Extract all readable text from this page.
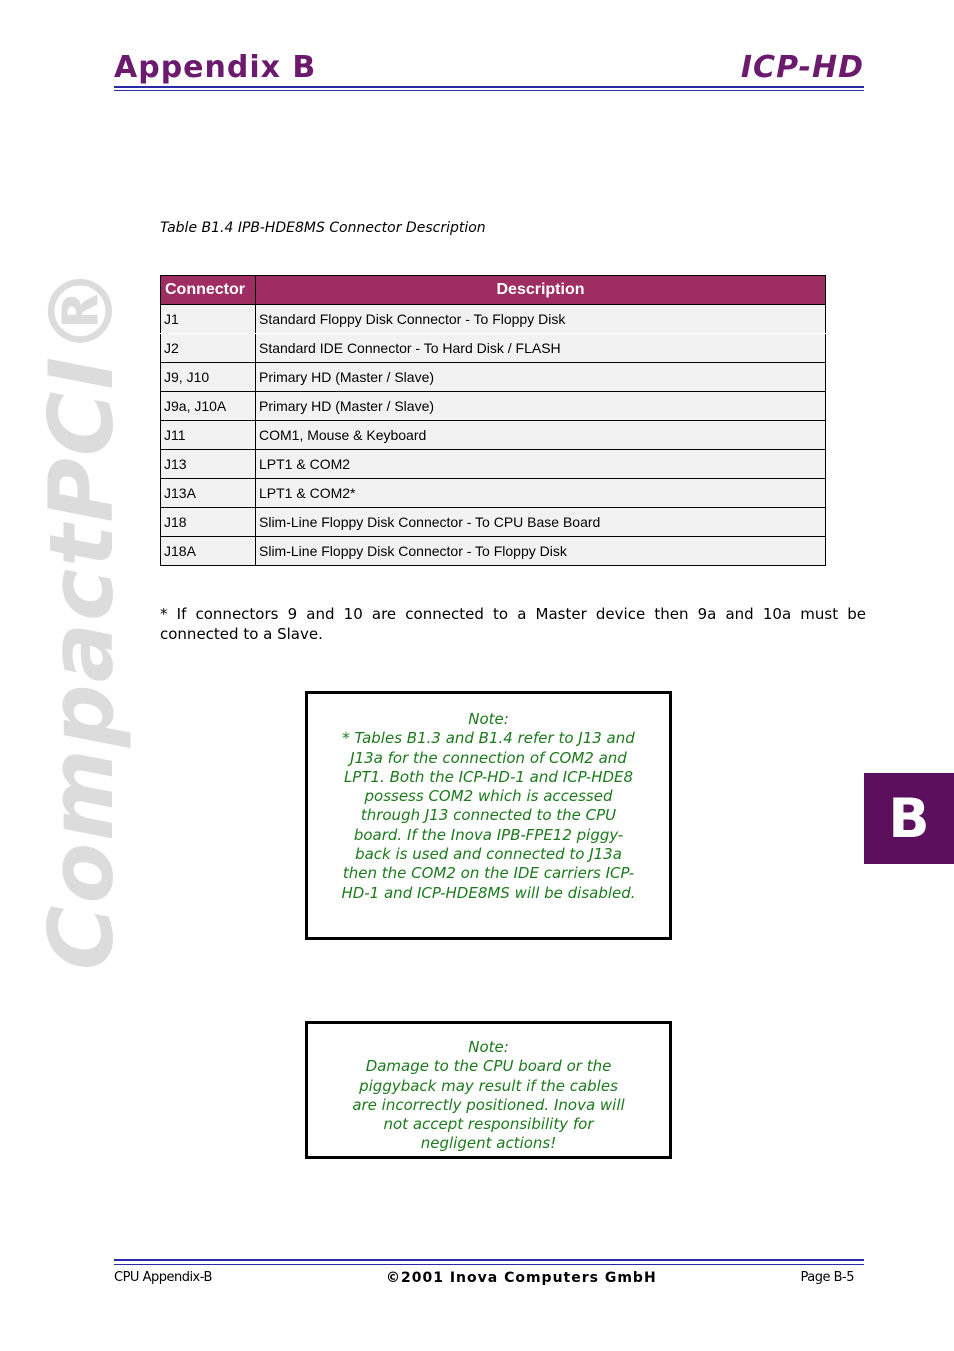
Appendix B	ICP-HD
CompactPCI®	B
Table B1.4 IPB-HDE8MS Connector Description
Connector	Description
J1	Standard Floppy Disk Connector - To Floppy Disk
J2	Standard IDE Connector - To Hard Disk / FLASH
J9, J10	Primary HD (Master / Slave)
J9a, J10A	Primary HD (Master / Slave)
J11	COM1, Mouse & Keyboard
J13	LPT1 & COM2
J13A	LPT1 & COM2*
J18	Slim-Line Floppy Disk Connector - To CPU Base Board
J18A	Slim-Line Floppy Disk Connector - To Floppy Disk
* If connectors 9 and 10 are connected to a Master device then 9a and 10a must be connected to a Slave.

Note:

* Tables B1.3 and B1.4 refer to J13 and J13a for the connection of COM2 and LPT1. Both the ICP-HD-1 and ICP-HDE8 possess COM2 which is accessed through J13 connected to the CPU board. If the Inova IPB-FPE12 piggy-back is used and connected to J13a then the COM2 on the IDE carriers ICP-HD-1 and ICP-HDE8MS will be disabled.

Note:

Damage to the CPU board or the piggyback may result if the cables are incorrectly positioned. Inova will not accept responsibility for negligent actions!

CPU Appendix-B	©2001 Inova Computers GmbH	Page B-5
